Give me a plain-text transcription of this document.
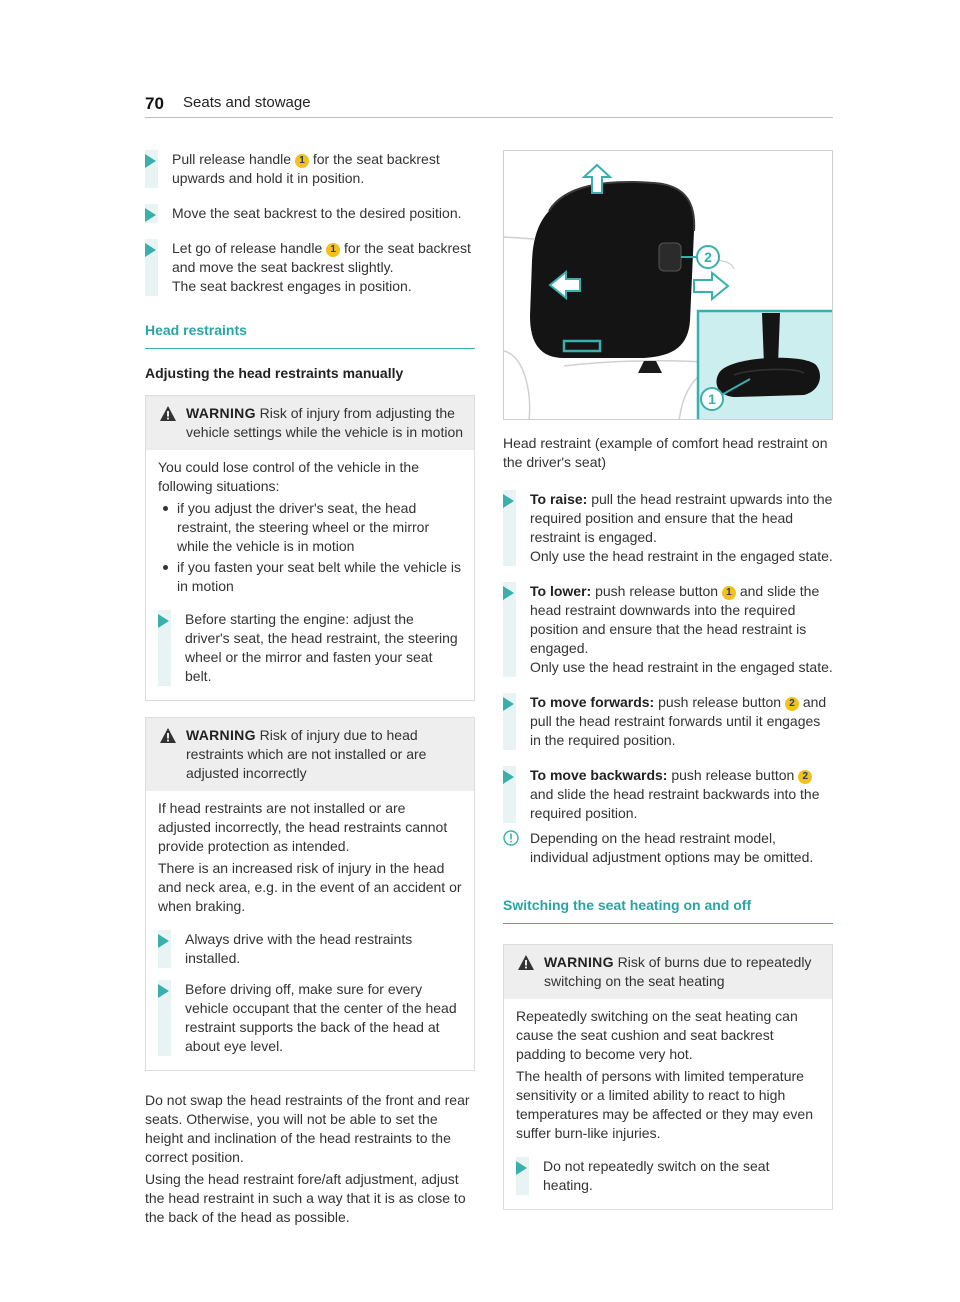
70 Seats and stowage
Pull release handle 1 for the seat backrest upwards and hold it in position.
Move the seat backrest to the desired position.
Let go of release handle 1 for the seat backrest and move the seat backrest slightly.
The seat backrest engages in position.
Head restraints
Adjusting the head restraints manually
WARNING Risk of injury from adjusting the vehicle settings while the vehicle is in motion

You could lose control of the vehicle in the following situations:

if you adjust the driver's seat, the head restraint, the steering wheel or the mirror while the vehicle is in motion
if you fasten your seat belt while the vehicle is in motion
Before starting the engine: adjust the driver's seat, the head restraint, the steering wheel or the mirror and fasten your seat belt.
WARNING Risk of injury due to head restraints which are not installed or are adjusted incorrectly

If head restraints are not installed or are adjusted incorrectly, the head restraints cannot provide protection as intended.

There is an increased risk of injury in the head and neck area, e.g. in the event of an accident or when braking.

Always drive with the head restraints installed.
Before driving off, make sure for every vehicle occupant that the center of the head restraint supports the back of the head at about eye level.

Do not swap the head restraints of the front and rear seats. Otherwise, you will not be able to set the height and inclination of the head restraints to the correct position.

Using the head restraint fore/aft adjustment, adjust the head restraint in such a way that it is as close to the back of the head as possible.

2
1

Head restraint (example of comfort head restraint on the driver's seat)

To raise: pull the head restraint upwards into the required position and ensure that the head restraint is engaged.
Only use the head restraint in the engaged state.
To lower: push release button 1 and slide the head restraint downwards into the required position and ensure that the head restraint is engaged.
Only use the head restraint in the engaged state.
To move forwards: push release button 2 and pull the head restraint forwards until it engages in the required position.
To move backwards: push release button 2 and slide the head restraint backwards into the required position.
Depending on the head restraint model, individual adjustment options may be omitted.
Switching the seat heating on and off
WARNING Risk of burns due to repeatedly switching on the seat heating

Repeatedly switching on the seat heating can cause the seat cushion and seat backrest padding to become very hot.

The health of persons with limited temperature sensitivity or a limited ability to react to high temperatures may be affected or they may even suffer burn-like injuries.

Do not repeatedly switch on the seat heating.
